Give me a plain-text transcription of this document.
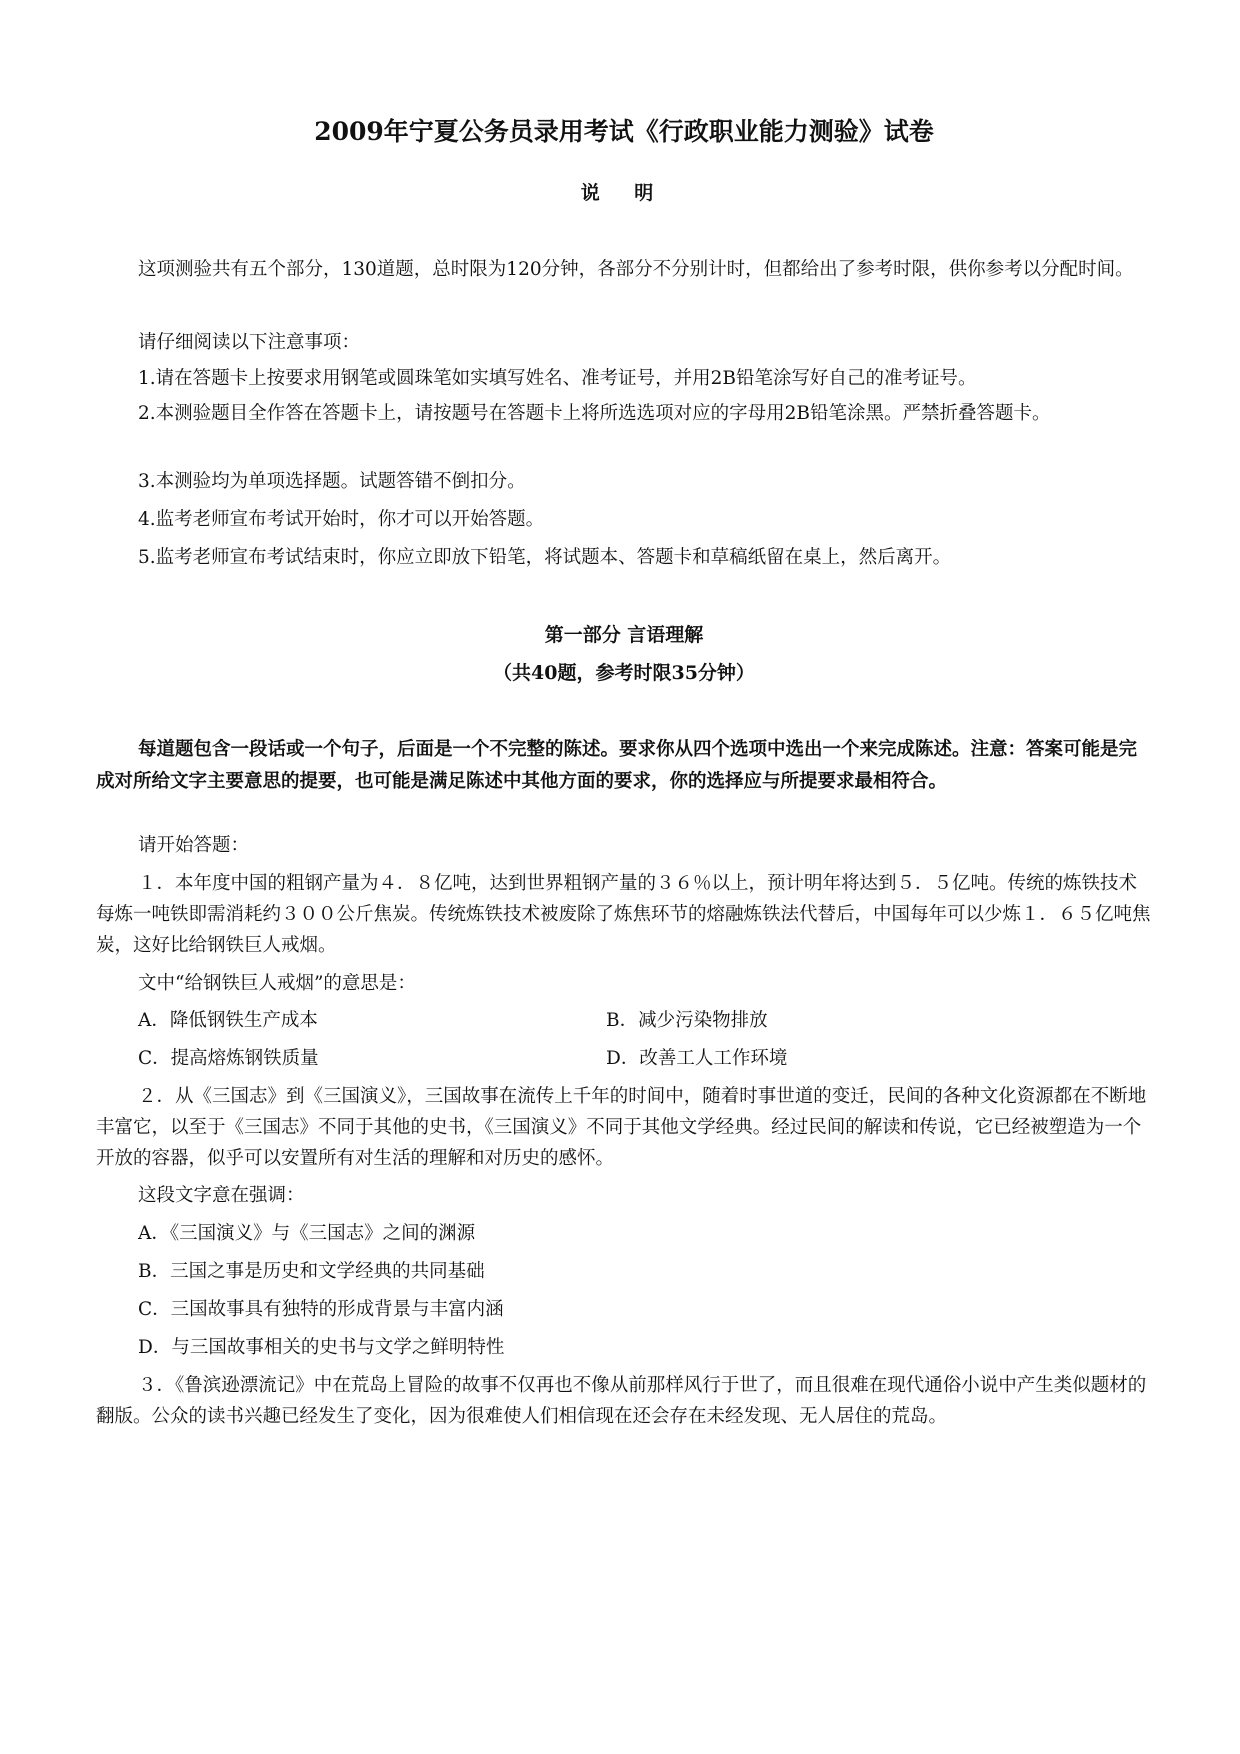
2009年宁夏公务员录用考试《行政职业能力测验》试卷
说 明

这项测验共有五个部分，130道题，总时限为120分钟，各部分不分别计时，但都给出了参考时限，供你参考以分配时间。

请仔细阅读以下注意事项：

1.请在答题卡上按要求用钢笔或圆珠笔如实填写姓名、准考证号，并用2B铅笔涂写好自己的准考证号。

2.本测验题目全作答在答题卡上，请按题号在答题卡上将所选选项对应的字母用2B铅笔涂黑。严禁折叠答题卡。

3.本测验均为单项选择题。试题答错不倒扣分。

4.监考老师宣布考试开始时，你才可以开始答题。

5.监考老师宣布考试结束时，你应立即放下铅笔，将试题本、答题卡和草稿纸留在桌上，然后离开。

第一部分 言语理解
（共40题，参考时限35分钟）

每道题包含一段话或一个句子，后面是一个不完整的陈述。要求你从四个选项中选出一个来完成陈述。注意：答案可能是完成对所给文字主要意思的提要，也可能是满足陈述中其他方面的要求，你的选择应与所提要求最相符合。

请开始答题：

１．本年度中国的粗钢产量为４．８亿吨，达到世界粗钢产量的３６％以上，预计明年将达到５．５亿吨。传统的炼铁技术每炼一吨铁即需消耗约３００公斤焦炭。传统炼铁技术被废除了炼焦环节的熔融炼铁法代替后，中国每年可以少炼１．６５亿吨焦炭，这好比给钢铁巨人戒烟。

文中“给钢铁巨人戒烟”的意思是：

A．降低钢铁生产成本	B．减少污染物排放
C．提高熔炼钢铁质量	D．改善工人工作环境

２．从《三国志》到《三国演义》，三国故事在流传上千年的时间中，随着时事世道的变迁，民间的各种文化资源都在不断地丰富它，以至于《三国志》不同于其他的史书，《三国演义》不同于其他文学经典。经过民间的解读和传说，它已经被塑造为一个开放的容器，似乎可以安置所有对生活的理解和对历史的感怀。

这段文字意在强调：

A．《三国演义》与《三国志》之间的渊源
B．三国之事是历史和文学经典的共同基础
C．三国故事具有独特的形成背景与丰富内涵
D．与三国故事相关的史书与文学之鲜明特性

３．《鲁滨逊漂流记》中在荒岛上冒险的故事不仅再也不像从前那样风行于世了，而且很难在现代通俗小说中产生类似题材的翻版。公众的读书兴趣已经发生了变化，因为很难使人们相信现在还会存在未经发现、无人居住的荒岛。
